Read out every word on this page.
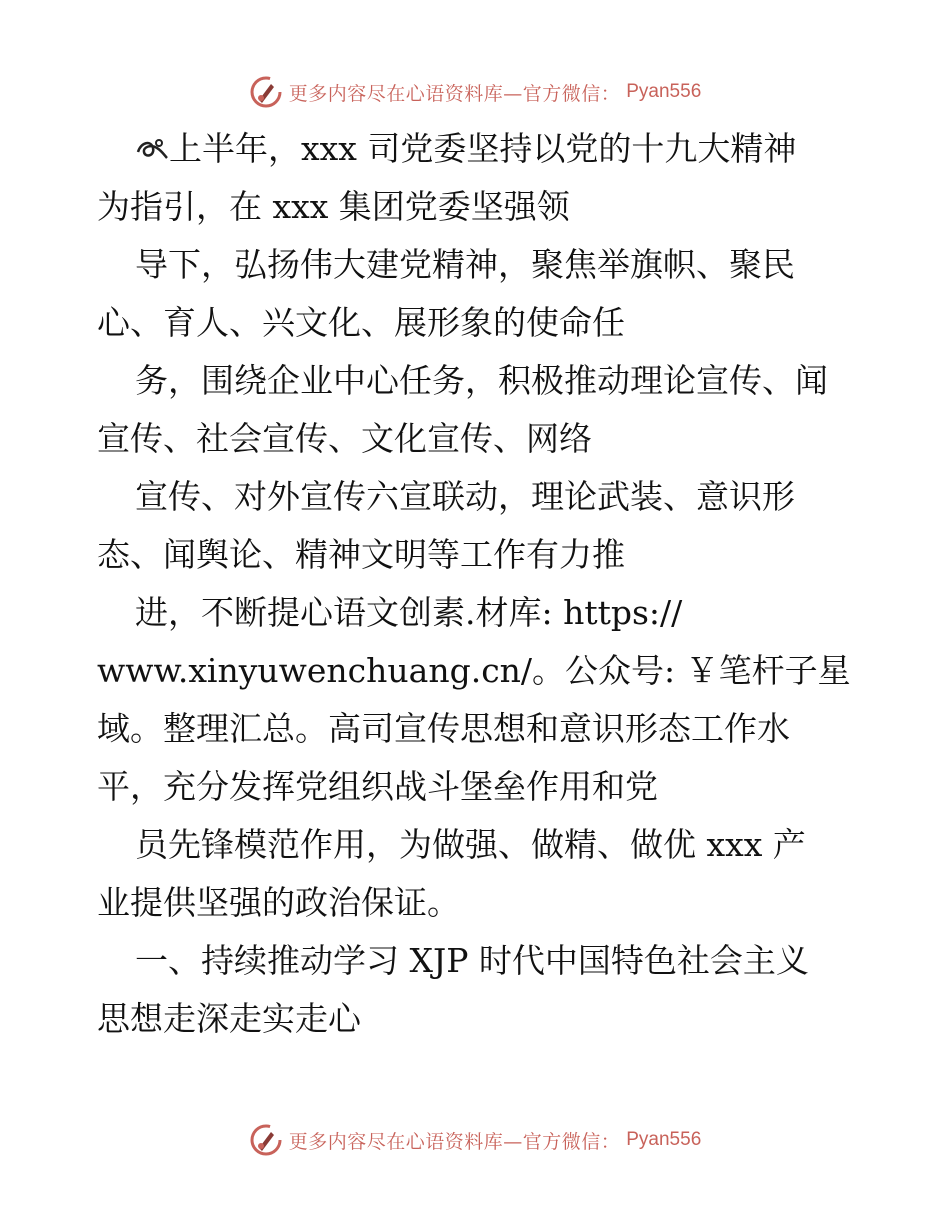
更多内容尽在心语资料库—官方微信： Pyan556
上半年，xxx 司党委坚持以党的十九大精神
为指引，在 xxx 集团党委坚强领
导下，弘扬伟大建党精神，聚焦举旗帜、聚民
心、育人、兴文化、展形象的使命任
务，围绕企业中心任务，积极推动理论宣传、闻
宣传、社会宣传、文化宣传、网络
宣传、对外宣传六宣联动，理论武装、意识形
态、闻舆论、精神文明等工作有力推
进，不断提心语文创素.材库: https://
www.xinyuwenchuang.cn/。公众号: ￥笔杆子星
域。整理汇总。高司宣传思想和意识形态工作水
平，充分发挥党组织战斗堡垒作用和党
员先锋模范作用，为做强、做精、做优 xxx 产
业提供坚强的政治保证。
一、持续推动学习 XJP 时代中国特色社会主义
思想走深走实走心
更多内容尽在心语资料库—官方微信： Pyan556
